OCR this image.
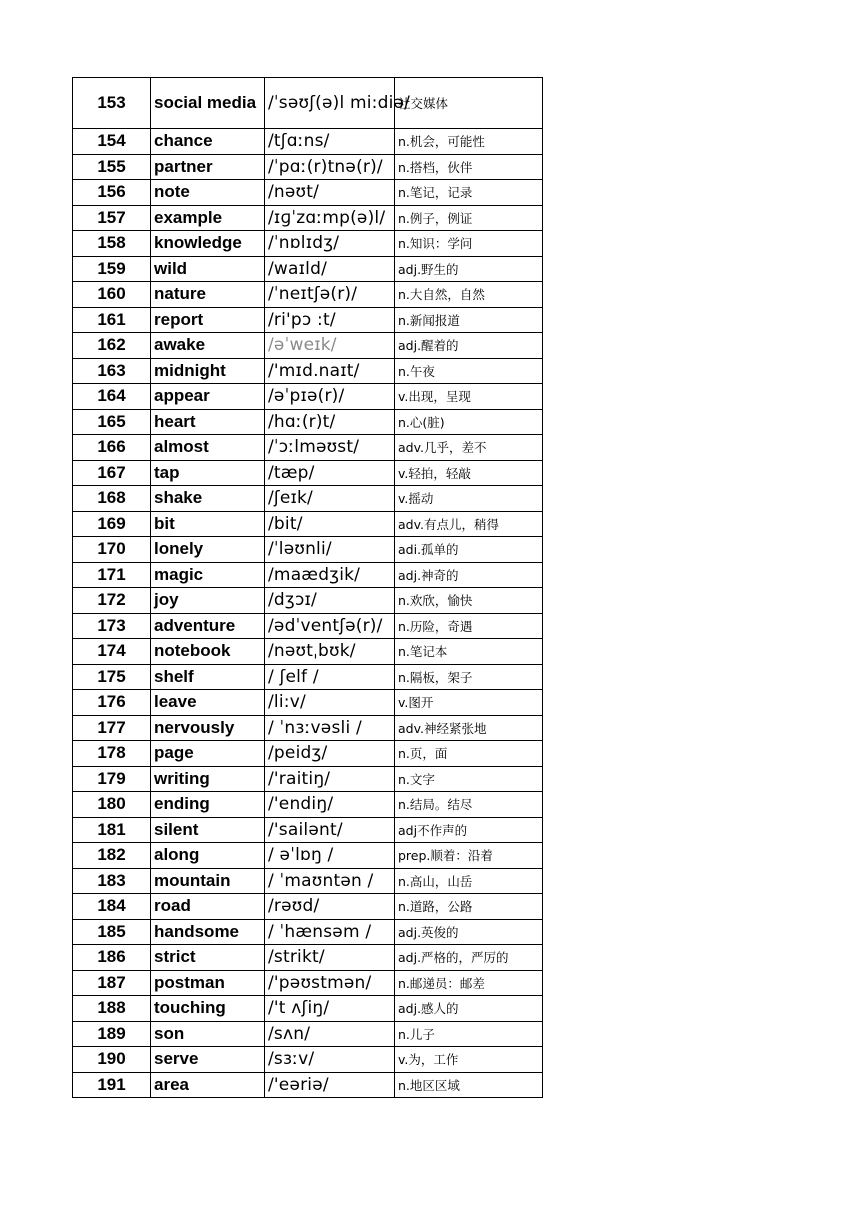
153	social media	/ˈsəʊʃ(ə)l mi:diə/	社交媒体
154	chance	/tʃɑːns/	n.机会，可能性
155	partner	/ˈpɑː(r)tnə(r)/	n.搭档，伙伴
156	note	/nəʊt/	n.笔记，记录
157	example	/ɪɡˈzɑːmp(ə)l/	n.例子，例证
158	knowledge	/ˈnɒlɪdʒ/	n.知识：学问
159	wild	/waɪld/	adj.野生的
160	nature	/ˈneɪtʃə(r)/	n.大自然，自然
161	report	/ri'pɔ :t/	n.新闻报道
162	awake	/əˈweɪk/	adj.醒着的
163	midnight	/'mɪd.naɪt/	n.午夜
164	appear	/əˈpɪə(r)/	v.出现，呈现
165	heart	/hɑː(r)t/	n.心(脏)
166	almost	/ˈɔːlməʊst/	adv.几乎，差不
167	tap	/tæp/	v.轻拍，轻敲
168	shake	/ʃeɪk/	v.摇动
169	bit	/bit/	adv.有点儿，稍得
170	lonely	/ˈləʊnli/	adi.孤单的
171	magic	/maædʒik/	adj.神奇的
172	joy	/dʒɔɪ/	n.欢欣，愉快
173	adventure	/ədˈventʃə(r)/	n.历险，奇遇
174	notebook	/nəʊtˌbʊk/	n.笔记本
175	shelf	/ ʃelf /	n.隔板，架子
176	leave	/li:v/	v.图开
177	nervously	/ ˈnɜːvəsli /	adv.神经紧张地
178	page	/peidʒ/	n.页，面
179	writing	/'raitiŋ/	n.文字
180	ending	/'endiŋ/	n.结局。结尽
181	silent	/'sailənt/	adj不作声的
182	along	/ əˈlɒŋ /	prep.顺着：沿着
183	mountain	/ ˈmaʊntən /	n.高山，山岳
184	road	/rəʊd/	n.道路，公路
185	handsome	/ ˈhænsəm /	adj.英俊的
186	strict	/strikt/	adj.严格的，严厉的
187	postman	/'pəʊstmən/	n.邮递员：邮差
188	touching	/'t ʌʃiŋ/	adj.感人的
189	son	/sʌn/	n.儿子
190	serve	/sɜːv/	v.为，工作
191	area	/'eəriə/	n.地区区域
